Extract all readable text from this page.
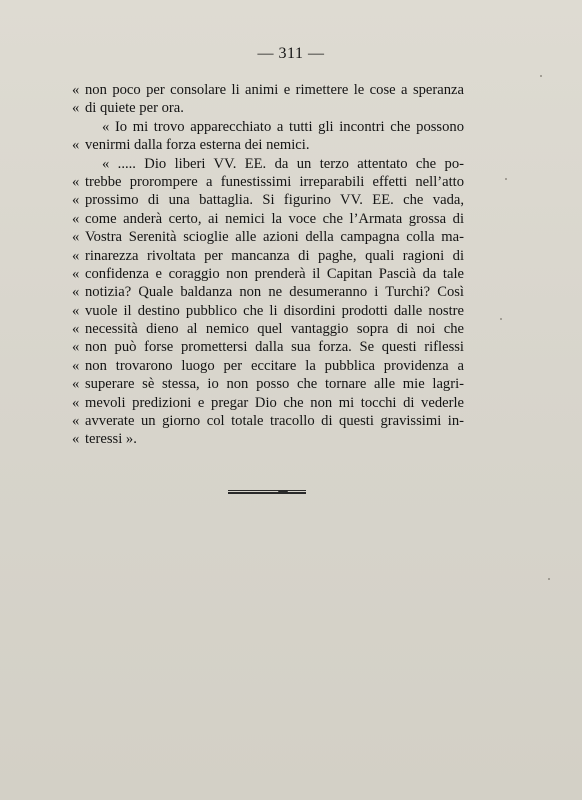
— 311 —
« non poco per consolare li animi e rimettere le cose a speranza
« di quiete per ora.
« Io mi trovo apparecchiato a tutti gli incontri che possono
« venirmi dalla forza esterna dei nemici.
« ..... Dio liberi VV. EE. da un terzo attentato che po-
« trebbe prorompere a funestissimi irreparabili effetti nell’atto
« prossimo di una battaglia. Si figurino VV. EE. che vada,
« come anderà certo, ai nemici la voce che l’Armata grossa di
« Vostra Serenità scioglie alle azioni della campagna colla ma-
« rinarezza rivoltata per mancanza di paghe, quali ragioni di
« confidenza e coraggio non prenderà il Capitan Pascià da tale
« notizia? Quale baldanza non ne desumeranno i Turchi? Così
« vuole il destino pubblico che li disordini prodotti dalle nostre
« necessità dieno al nemico quel vantaggio sopra di noi che
« non può forse promettersi dalla sua forza. Se questi riflessi
« non trovarono luogo per eccitare la pubblica providenza a
« superare sè stessa, io non posso che tornare alle mie lagri-
« mevoli predizioni e pregar Dio che non mi tocchi di vederle
« avverate un giorno col totale tracollo di questi gravissimi in-
« teressi ».
